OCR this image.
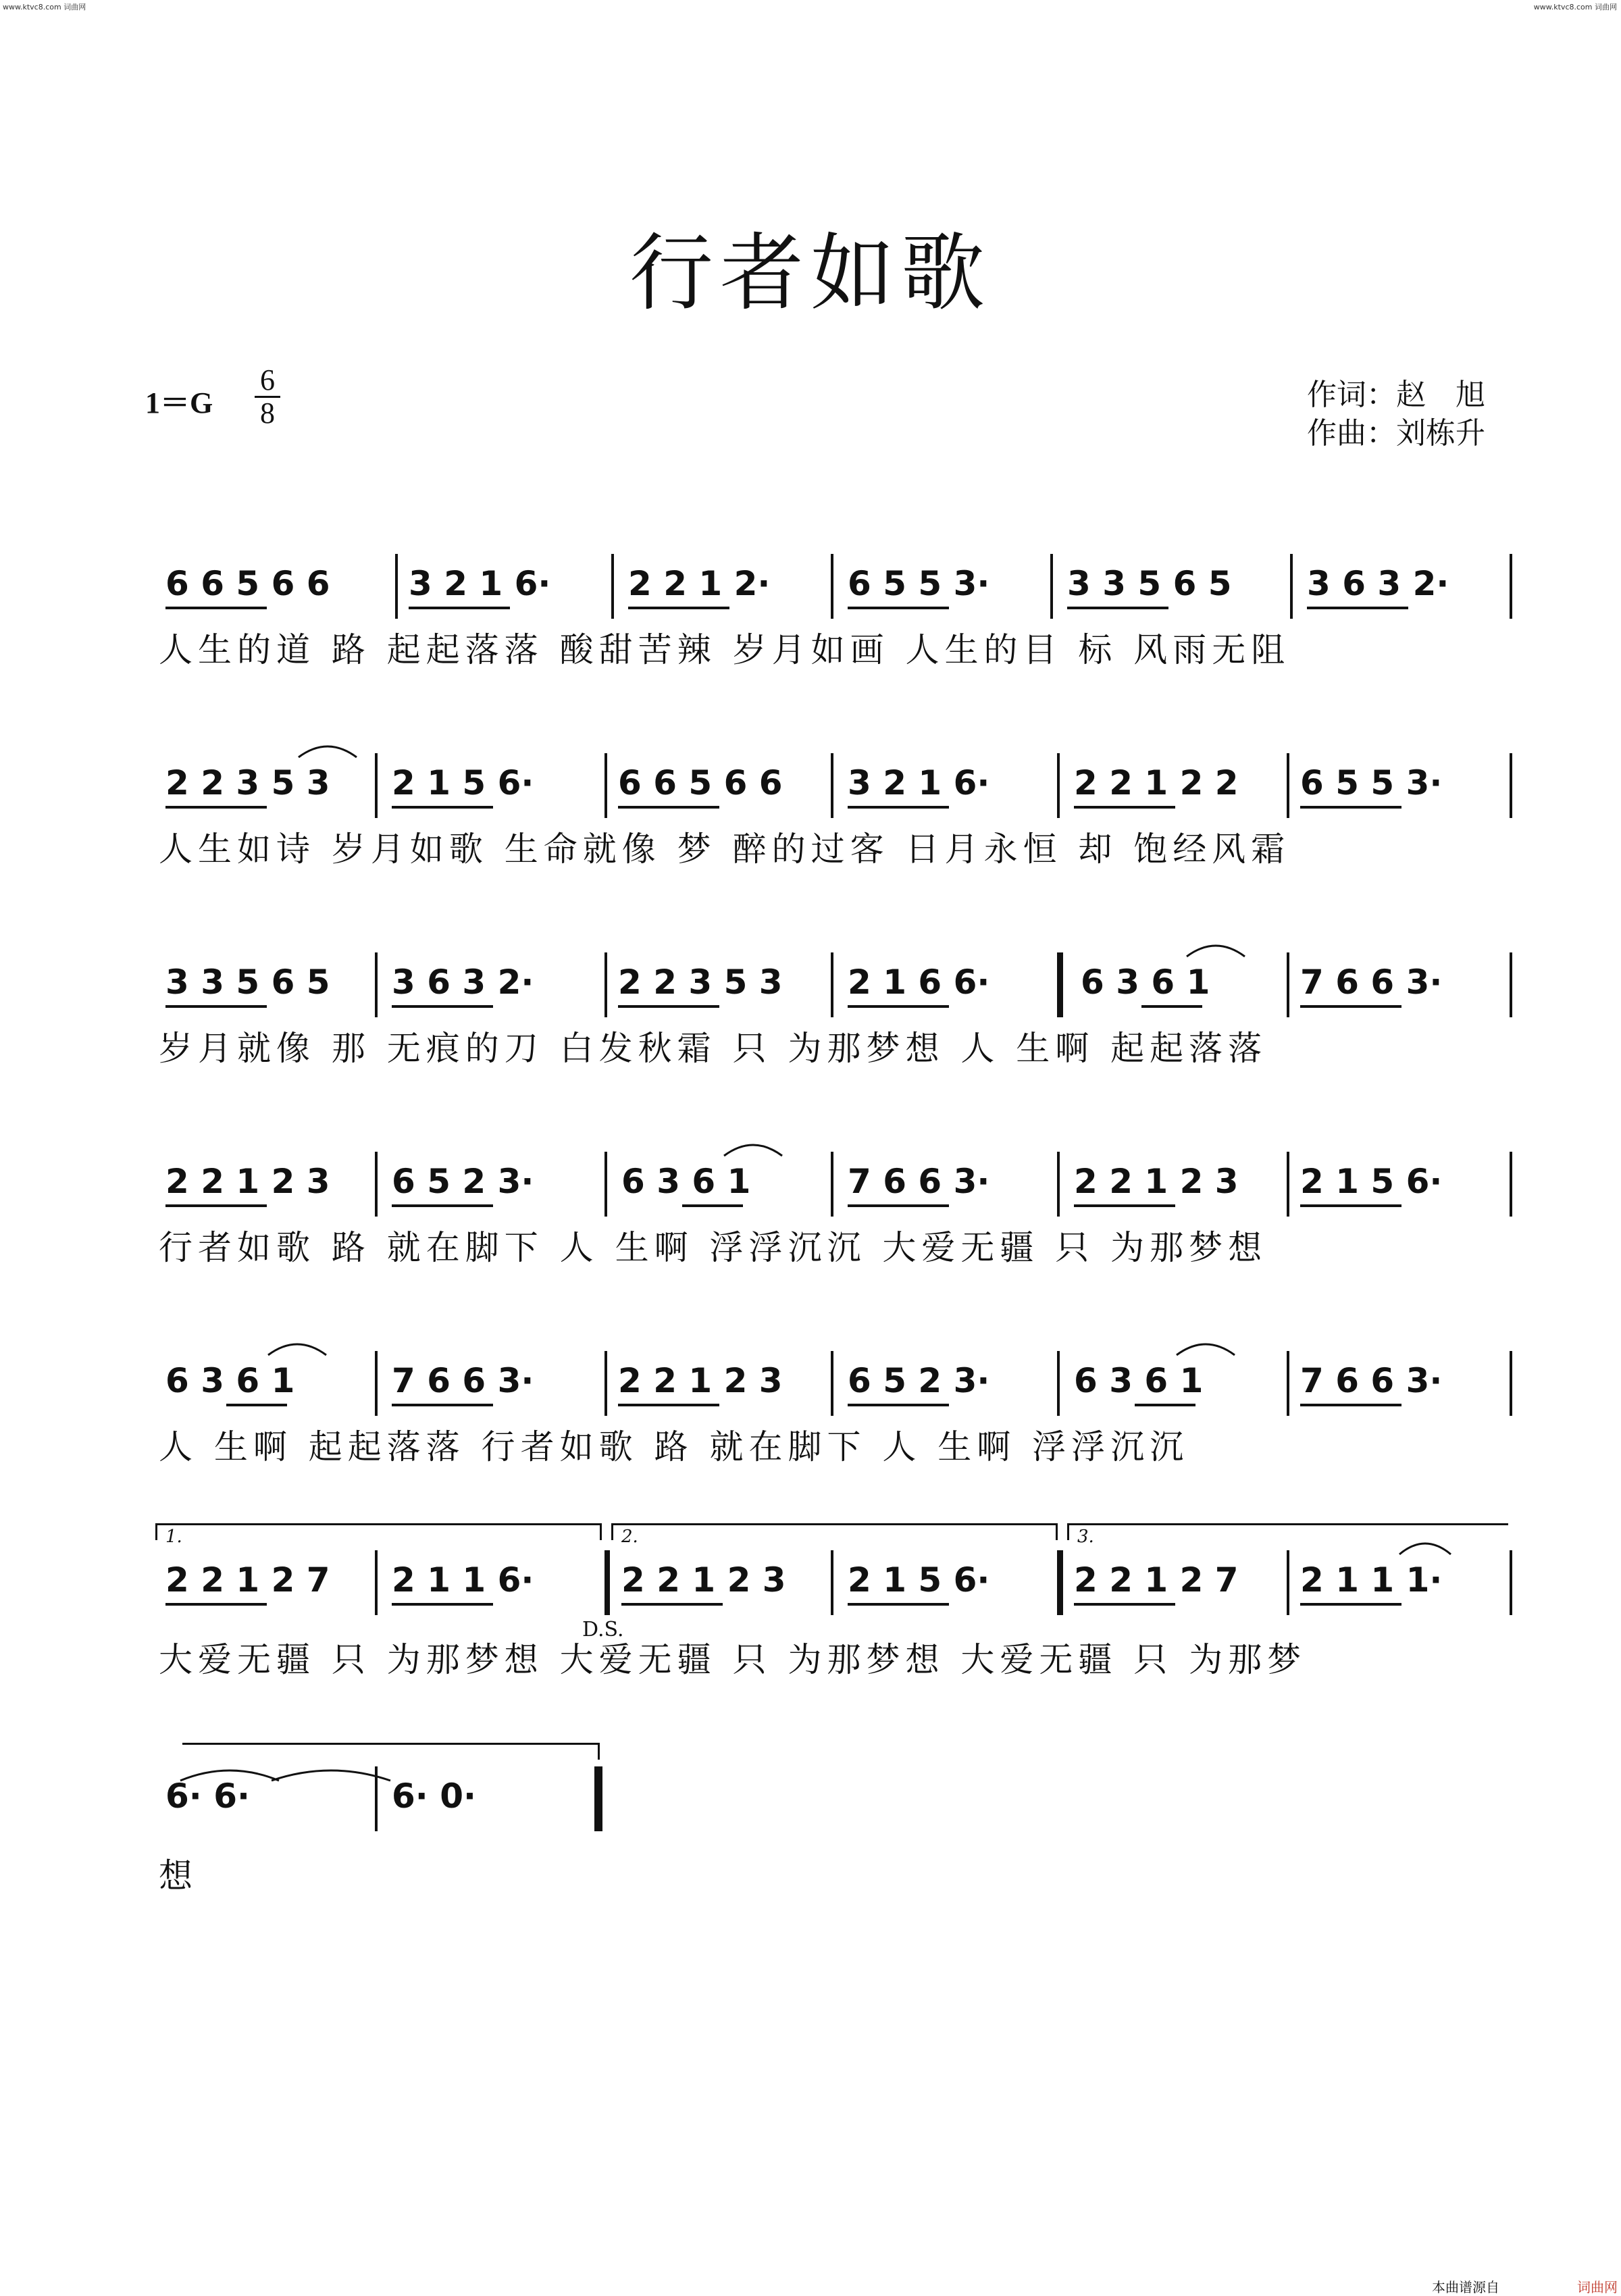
www.ktvc8.com 词曲网	www.ktvc8.com 词曲网
行者如歌
1＝G
6
8
作词：赵　旭
作曲：刘栋升
6 6 5 6 6 3 2 1 6· 2 2 1 2· 6 5 5 3· 3 3 5 6 5 3 6 3 2·
人生的道 路 起起落落 酸甜苦辣 岁月如画 人生的目 标 风雨无阻
2 2 3 5 3 2 1 5 6· 6 6 5 6 6 3 2 1 6· 2 2 1 2 2 6 5 5 3·
人生如诗 岁月如歌 生命就像 梦 醉的过客 日月永恒 却 饱经风霜
3 3 5 6 5 3 6 3 2· 2 2 3 5 3 2 1 6 6·	6 3 6 1	7 6 6 3·
岁月就像 那 无痕的刀 白发秋霜 只 为那梦想 人 生啊 起起落落
2 2 1 2 3 6 5 2 3·	6 3 6 1	7 6 6 3· 2 2 1 2 3 2 1 5 6·
行者如歌 路 就在脚下 人 生啊 浮浮沉沉 大爱无疆 只 为那梦想
6 3 6 1	7 6 6 3· 2 2 1 2 3 6 5 2 3· 6 3 6 1	7 6 6 3·
人 生啊 起起落落 行者如歌 路 就在脚下 人 生啊 浮浮沉沉
1.	2.	3.
2 2 1 2 7 2 1 1 6·	2 2 1 2 3 2 1 5 6· 2 2 1 2 7 2 1 1 1·
D.S.
大爱无疆 只 为那梦想 大爱无疆 只 为那梦想 大爱无疆 只 为那梦
6· 6·	6· 0·
想
本曲谱源自	词曲网
